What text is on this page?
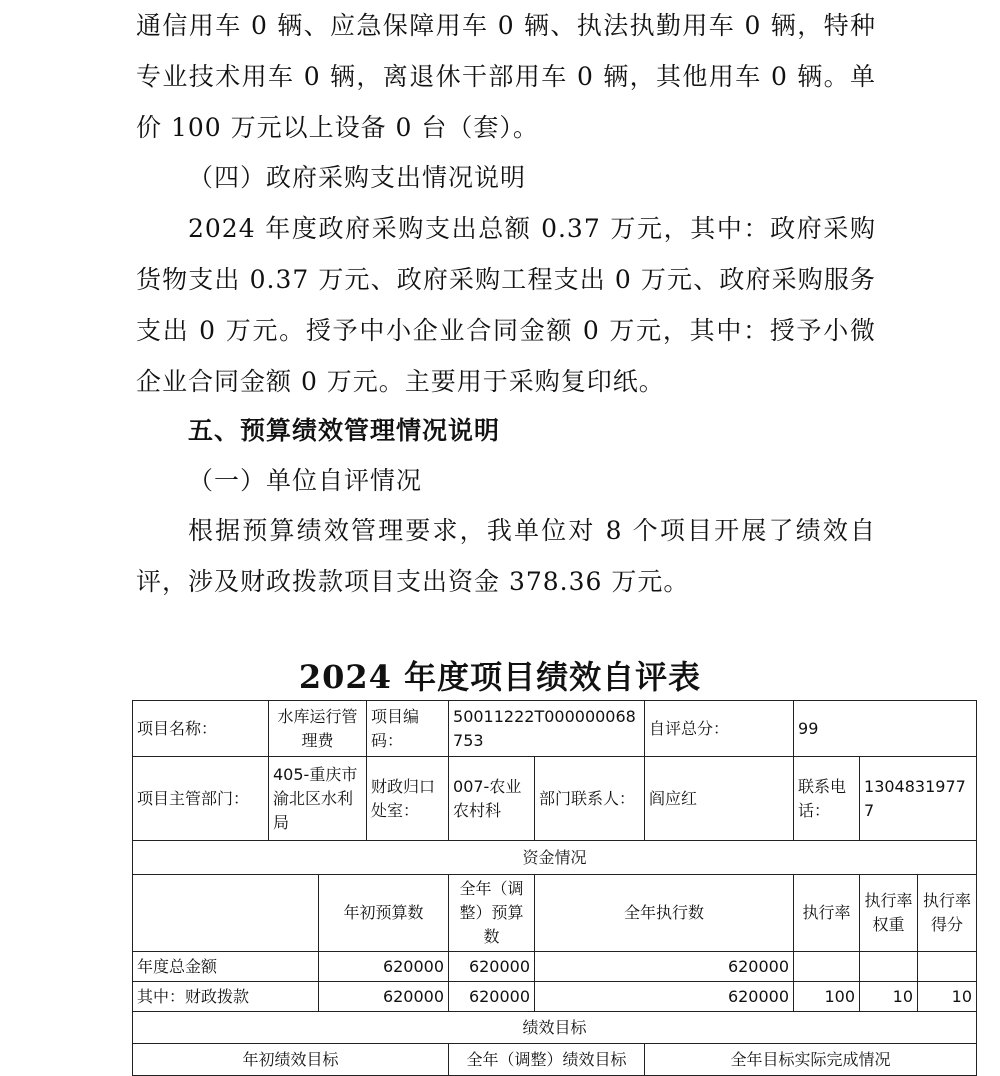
通信用车 0 辆、应急保障用车 0 辆、执法执勤用车 0 辆，特种专业技术用车 0 辆，离退休干部用车 0 辆，其他用车 0 辆。单价 100 万元以上设备 0 台（套）。

（四）政府采购支出情况说明

2024 年度政府采购支出总额 0.37 万元，其中：政府采购货物支出 0.37 万元、政府采购工程支出 0 万元、政府采购服务支出 0 万元。授予中小企业合同金额 0 万元，其中：授予小微企业合同金额 0 万元。主要用于采购复印纸。

五、预算绩效管理情况说明

（一）单位自评情况

根据预算绩效管理要求，我单位对 8 个项目开展了绩效自评，涉及财政拨款项目支出资金 378.36 万元。

2024 年度项目绩效自评表
项目名称：	水库运行管理费		项目编码：	50011222T000000068753		自评总分：	99		
项目主管部门：	405-重庆市渝北区水利局		财政归口处室：	007-农业农村科	部门联系人：	阎应红	联系电话：	13048319777	
资金情况									
		年初预算数		全年（调整）预算数	全年执行数		执行率	执行率权重	执行率得分
年度总金额		620000		620000	620000				
其中：财政拨款		620000		620000	620000		100	10	10
绩效目标									
年初绩效目标				全年（调整）绩效目标		全年目标实际完成情况			
